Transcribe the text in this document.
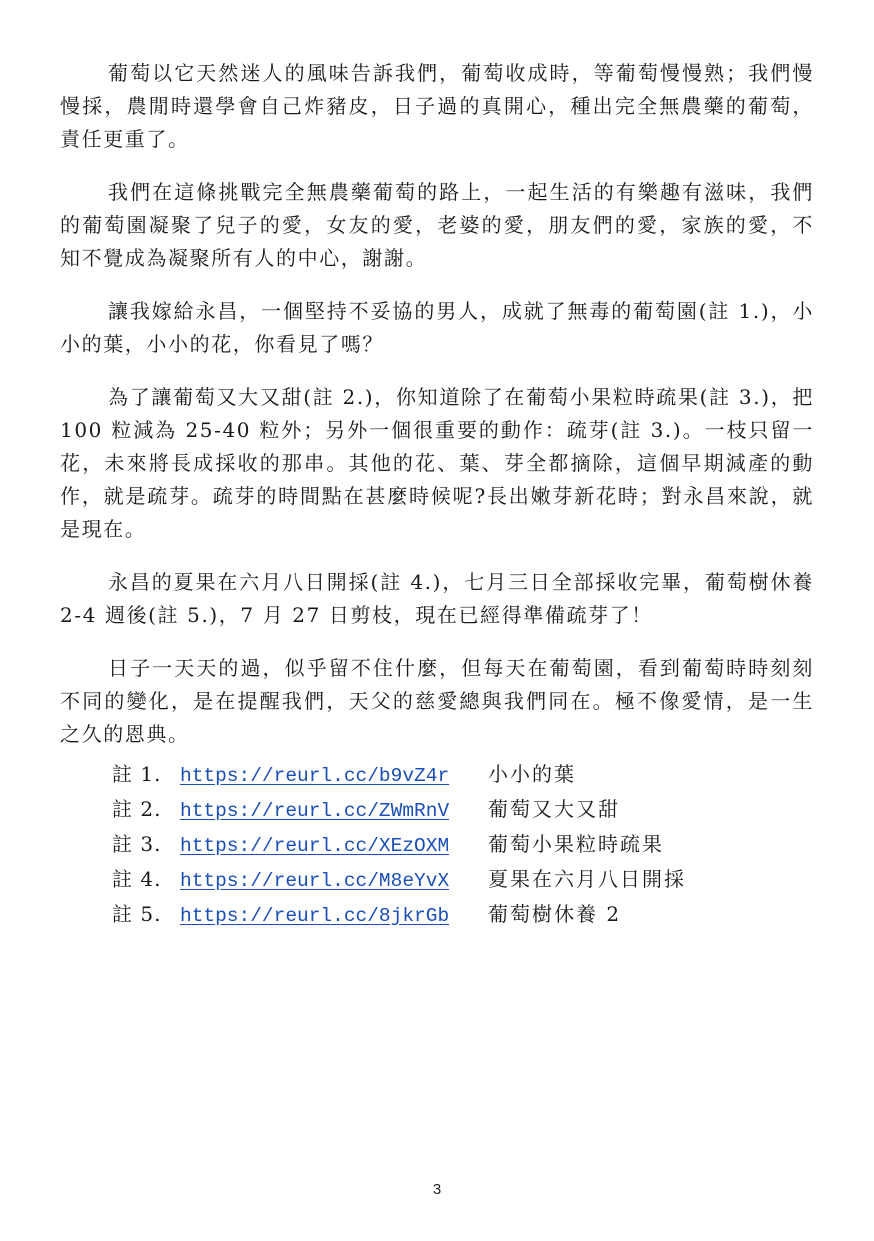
葡萄以它天然迷人的風味告訴我們，葡萄收成時，等葡萄慢慢熟；我們慢慢採，農閒時還學會自己炸豬皮，日子過的真開心，種出完全無農藥的葡萄，責任更重了。

我們在這條挑戰完全無農藥葡萄的路上，一起生活的有樂趣有滋味，我們的葡萄園凝聚了兒子的愛，女友的愛，老婆的愛，朋友們的愛，家族的愛，不知不覺成為凝聚所有人的中心，謝謝。

讓我嫁給永昌，一個堅持不妥協的男人，成就了無毒的葡萄園(註 1.)，小小的葉，小小的花，你看見了嗎？

為了讓葡萄又大又甜(註 2.)，你知道除了在葡萄小果粒時疏果(註 3.)，把 100 粒減為 25-40 粒外；另外一個很重要的動作：疏芽(註 3.)。一枝只留一花，未來將長成採收的那串。其他的花、葉、芽全都摘除，這個早期減產的動作，就是疏芽。疏芽的時間點在甚麼時候呢?長出嫩芽新花時；對永昌來說，就是現在。

永昌的夏果在六月八日開採(註 4.)，七月三日全部採收完畢，葡萄樹休養 2-4 週後(註 5.)，7 月 27 日剪枝，現在已經得準備疏芽了！

日子一天天的過，似乎留不住什麼，但每天在葡萄園，看到葡萄時時刻刻不同的變化，是在提醒我們，天父的慈愛總與我們同在。極不像愛情，是一生之久的恩典。

註 1. https://reurl.cc/b9vZ4r	小小的葉
註 2. https://reurl.cc/ZWmRnV	葡萄又大又甜
註 3. https://reurl.cc/XEzOXM	葡萄小果粒時疏果
註 4. https://reurl.cc/M8eYvX	夏果在六月八日開採
註 5. https://reurl.cc/8jkrGb	葡萄樹休養 2
3
